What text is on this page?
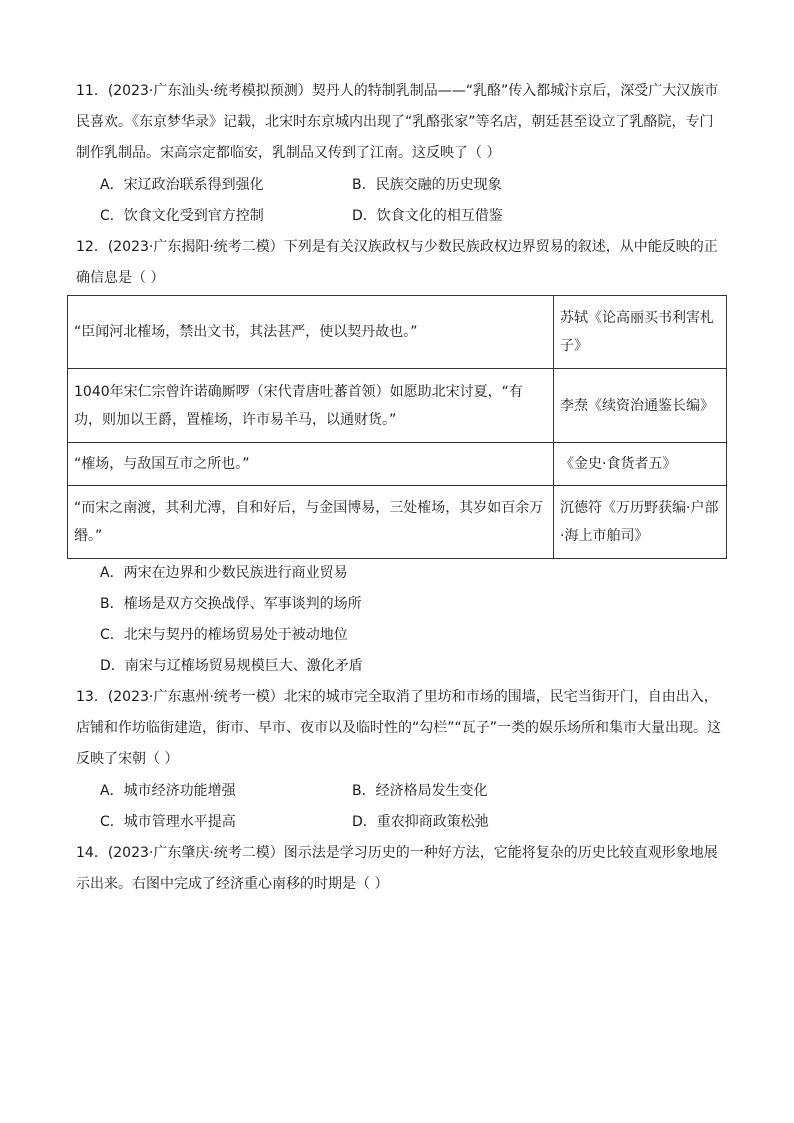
11．(2023·广东汕头·统考模拟预测）契丹人的特制乳制品——“乳酪”传入都城汴京后，深受广大汉族市民喜欢。《东京梦华录》记载，北宋时东京城内出现了“乳酪张家”等名店，朝廷甚至设立了乳酪院，专门制作乳制品。宋高宗定都临安，乳制品又传到了江南。这反映了（ ）

A．宋辽政治联系得到强化	B．民族交融的历史现象
C．饮食文化受到官方控制	D．饮食文化的相互借鉴

12．(2023·广东揭阳·统考二模）下列是有关汉族政权与少数民族政权边界贸易的叙述，从中能反映的正确信息是（ ）

“臣闻河北榷场，禁出文书，其法甚严，使以契丹故也。”	苏轼《论高丽买书利害札子》
1040年宋仁宗曾许诺确厮啰（宋代青唐吐蕃首领）如愿助北宋讨夏，“有功，则加以王爵，置榷场，许市易羊马，以通财货。”	李焘《续资治通鉴长编》
“榷场，与敌国互市之所也。”	《金史·食货者五》
“而宋之南渡，其利尤溥，自和好后，与金国博易，三处榷场，其岁如百余万缗。”	沉德符《万历野获编·户部·海上市舶司》
A．两宋在边界和少数民族进行商业贸易
B．榷场是双方交换战俘、军事谈判的场所
C．北宋与契丹的榷场贸易处于被动地位
D．南宋与辽榷场贸易规模巨大、激化矛盾

13．(2023·广东惠州·统考一模）北宋的城市完全取消了里坊和市场的围墙，民宅当街开门，自由出入，店铺和作坊临街建造，街市、早市、夜市以及临时性的“勾栏”“瓦子”一类的娱乐场所和集市大量出现。这反映了宋朝（ ）

A．城市经济功能增强	B．经济格局发生变化
C．城市管理水平提高	D．重农抑商政策松弛

14．(2023·广东肇庆·统考二模）图示法是学习历史的一种好方法，它能将复杂的历史比较直观形象地展示出来。右图中完成了经济重心南移的时期是（ ）
